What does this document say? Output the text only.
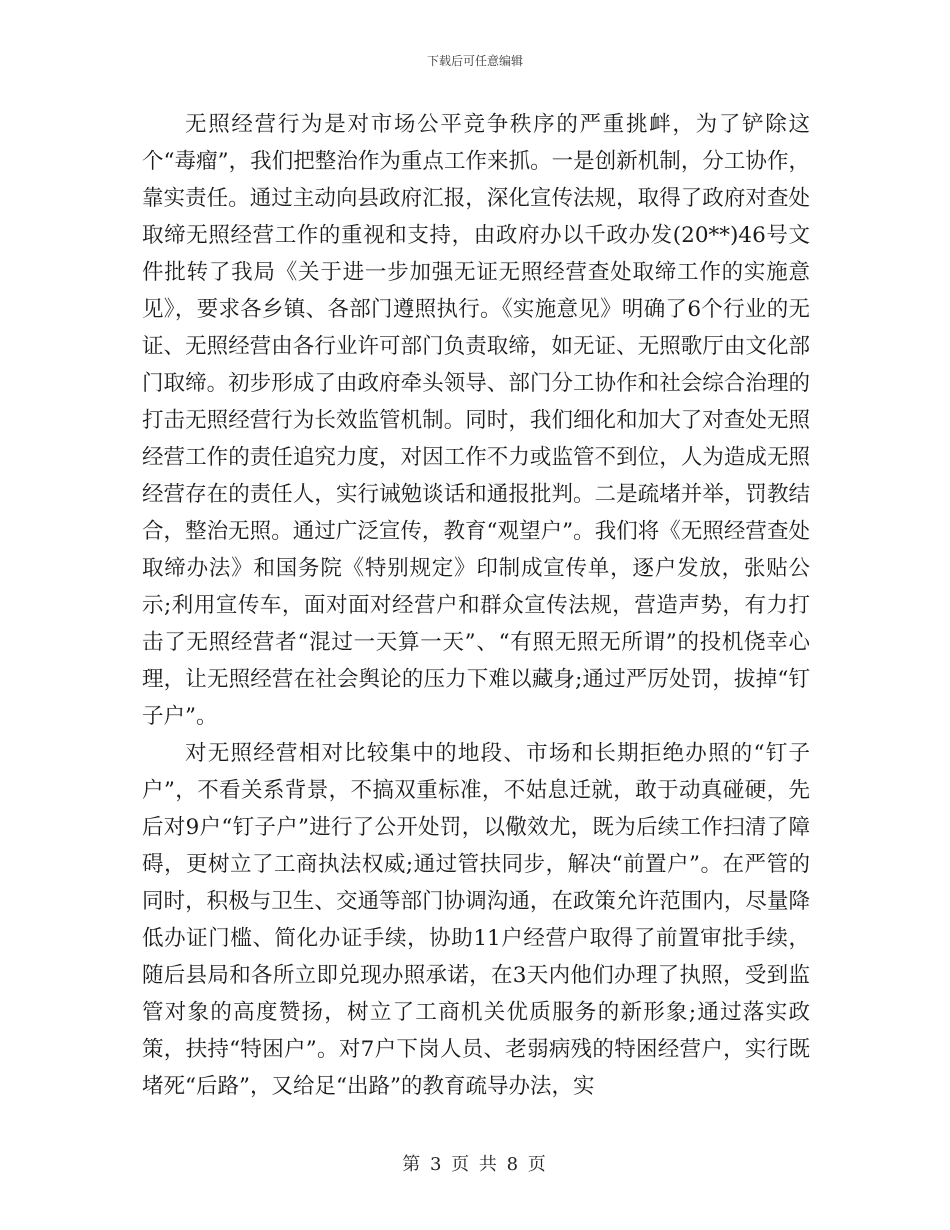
下载后可任意编辑

无照经营行为是对市场公平竞争秩序的严重挑衅，为了铲除这个“毒瘤”，我们把整治作为重点工作来抓。一是创新机制，分工协作，靠实责任。通过主动向县政府汇报，深化宣传法规，取得了政府对查处取缔无照经营工作的重视和支持，由政府办以千政办发(20**)46号文件批转了我局《关于进一步加强无证无照经营查处取缔工作的实施意见》，要求各乡镇、各部门遵照执行。《实施意见》明确了6个行业的无证、无照经营由各行业许可部门负责取缔，如无证、无照歌厅由文化部门取缔。初步形成了由政府牵头领导、部门分工协作和社会综合治理的打击无照经营行为长效监管机制。同时，我们细化和加大了对查处无照经营工作的责任追究力度，对因工作不力或监管不到位，人为造成无照经营存在的责任人，实行诫勉谈话和通报批判。二是疏堵并举，罚教结合，整治无照。通过广泛宣传，教育“观望户”。我们将《无照经营查处取缔办法》和国务院《特别规定》印制成宣传单，逐户发放，张贴公示;利用宣传车，面对面对经营户和群众宣传法规，营造声势，有力打击了无照经营者“混过一天算一天”、“有照无照无所谓”的投机侥幸心理，让无照经营在社会舆论的压力下难以藏身;通过严厉处罚，拔掉“钉子户”。

对无照经营相对比较集中的地段、市场和长期拒绝办照的“钉子户”，不看关系背景，不搞双重标准，不姑息迁就，敢于动真碰硬，先后对9户“钉子户”进行了公开处罚，以儆效尤，既为后续工作扫清了障碍，更树立了工商执法权威;通过管扶同步，解决“前置户”。在严管的同时，积极与卫生、交通等部门协调沟通，在政策允许范围内，尽量降低办证门槛、简化办证手续，协助11户经营户取得了前置审批手续，随后县局和各所立即兑现办照承诺，在3天内他们办理了执照，受到监管对象的高度赞扬，树立了工商机关优质服务的新形象;通过落实政策，扶持“特困户”。对7户下岗人员、老弱病残的特困经营户，实行既堵死“后路”，又给足“出路”的教育疏导办法，实

第 3 页 共 8 页
